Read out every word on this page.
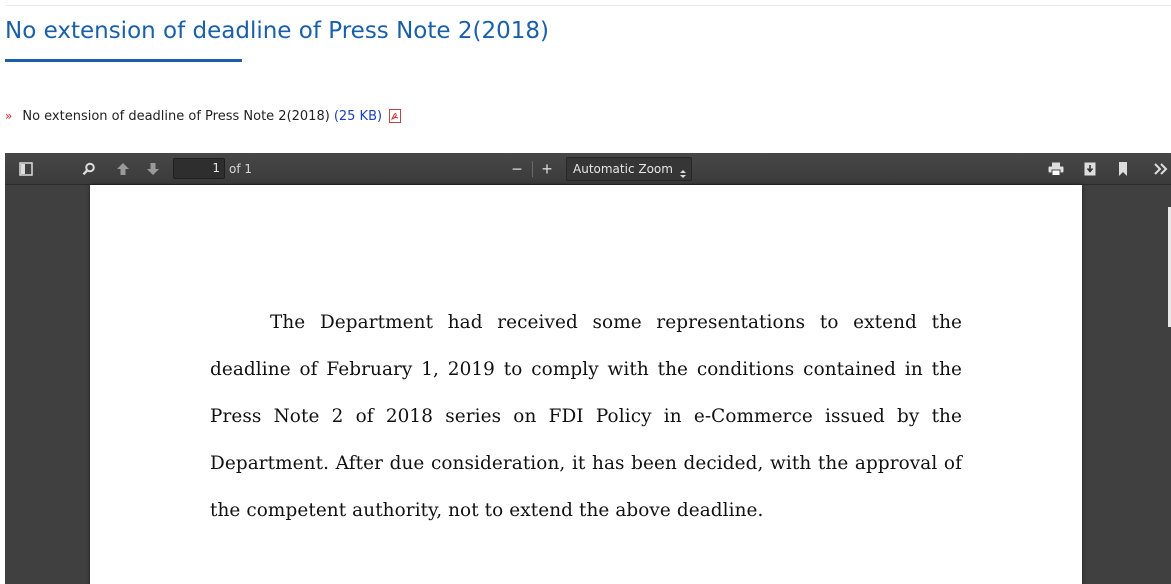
No extension of deadline of Press Note 2(2018)
» No extension of deadline of Press Note 2(2018) (25 KB)
1 of 1	−	+	Automatic Zoom

The Department had received some representations to extend the deadline of February 1, 2019 to comply with the conditions contained in the Press Note 2 of 2018 series on FDI Policy in e-Commerce issued by the Department. After due consideration, it has been decided, with the approval of the competent authority, not to extend the above deadline.
